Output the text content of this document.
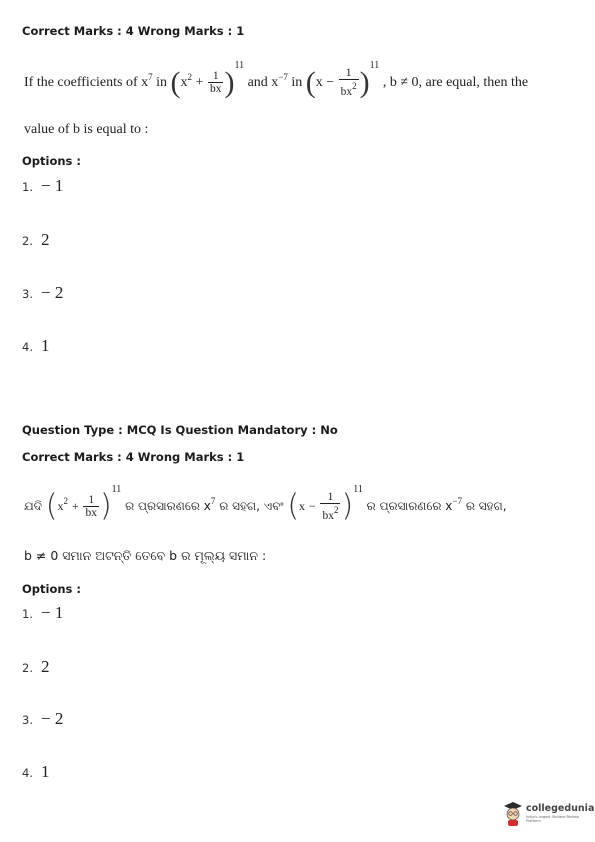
Correct Marks : 4 Wrong Marks : 1
If the coefficients of $x^7$ in $(x^2 + \frac{1}{bx} )^{11}$ and $x^{-7}$ in $(x - \frac{1}{bx^2} )^{11}$ , b ≠ 0, are equal, then the
value of b is equal to :
Options :
1. − 1
2. 2
3. − 2
4. 1
Question Type : MCQ Is Question Mandatory : No
Correct Marks : 4 Wrong Marks : 1
ଯଦି $(x^2 + \frac{1}{bx} )^{11}$ ର ପ୍ରସାରଣରେ $x^7$ ର ସହଗ, ଏବଂ $(x - \frac{1}{bx^2} )^{11}$ ର ପ୍ରସାରଣରେ $x^{-7}$ ର ସହଗ,
b ≠ 0 ସମାନ ଅଟନ୍ତି ତେବେ b ର ମୂଲ୍ୟ ସମାନ :
Options :
1. − 1
2. 2
3. − 2
4. 1
collegedunia
India's largest Student Review Platform
